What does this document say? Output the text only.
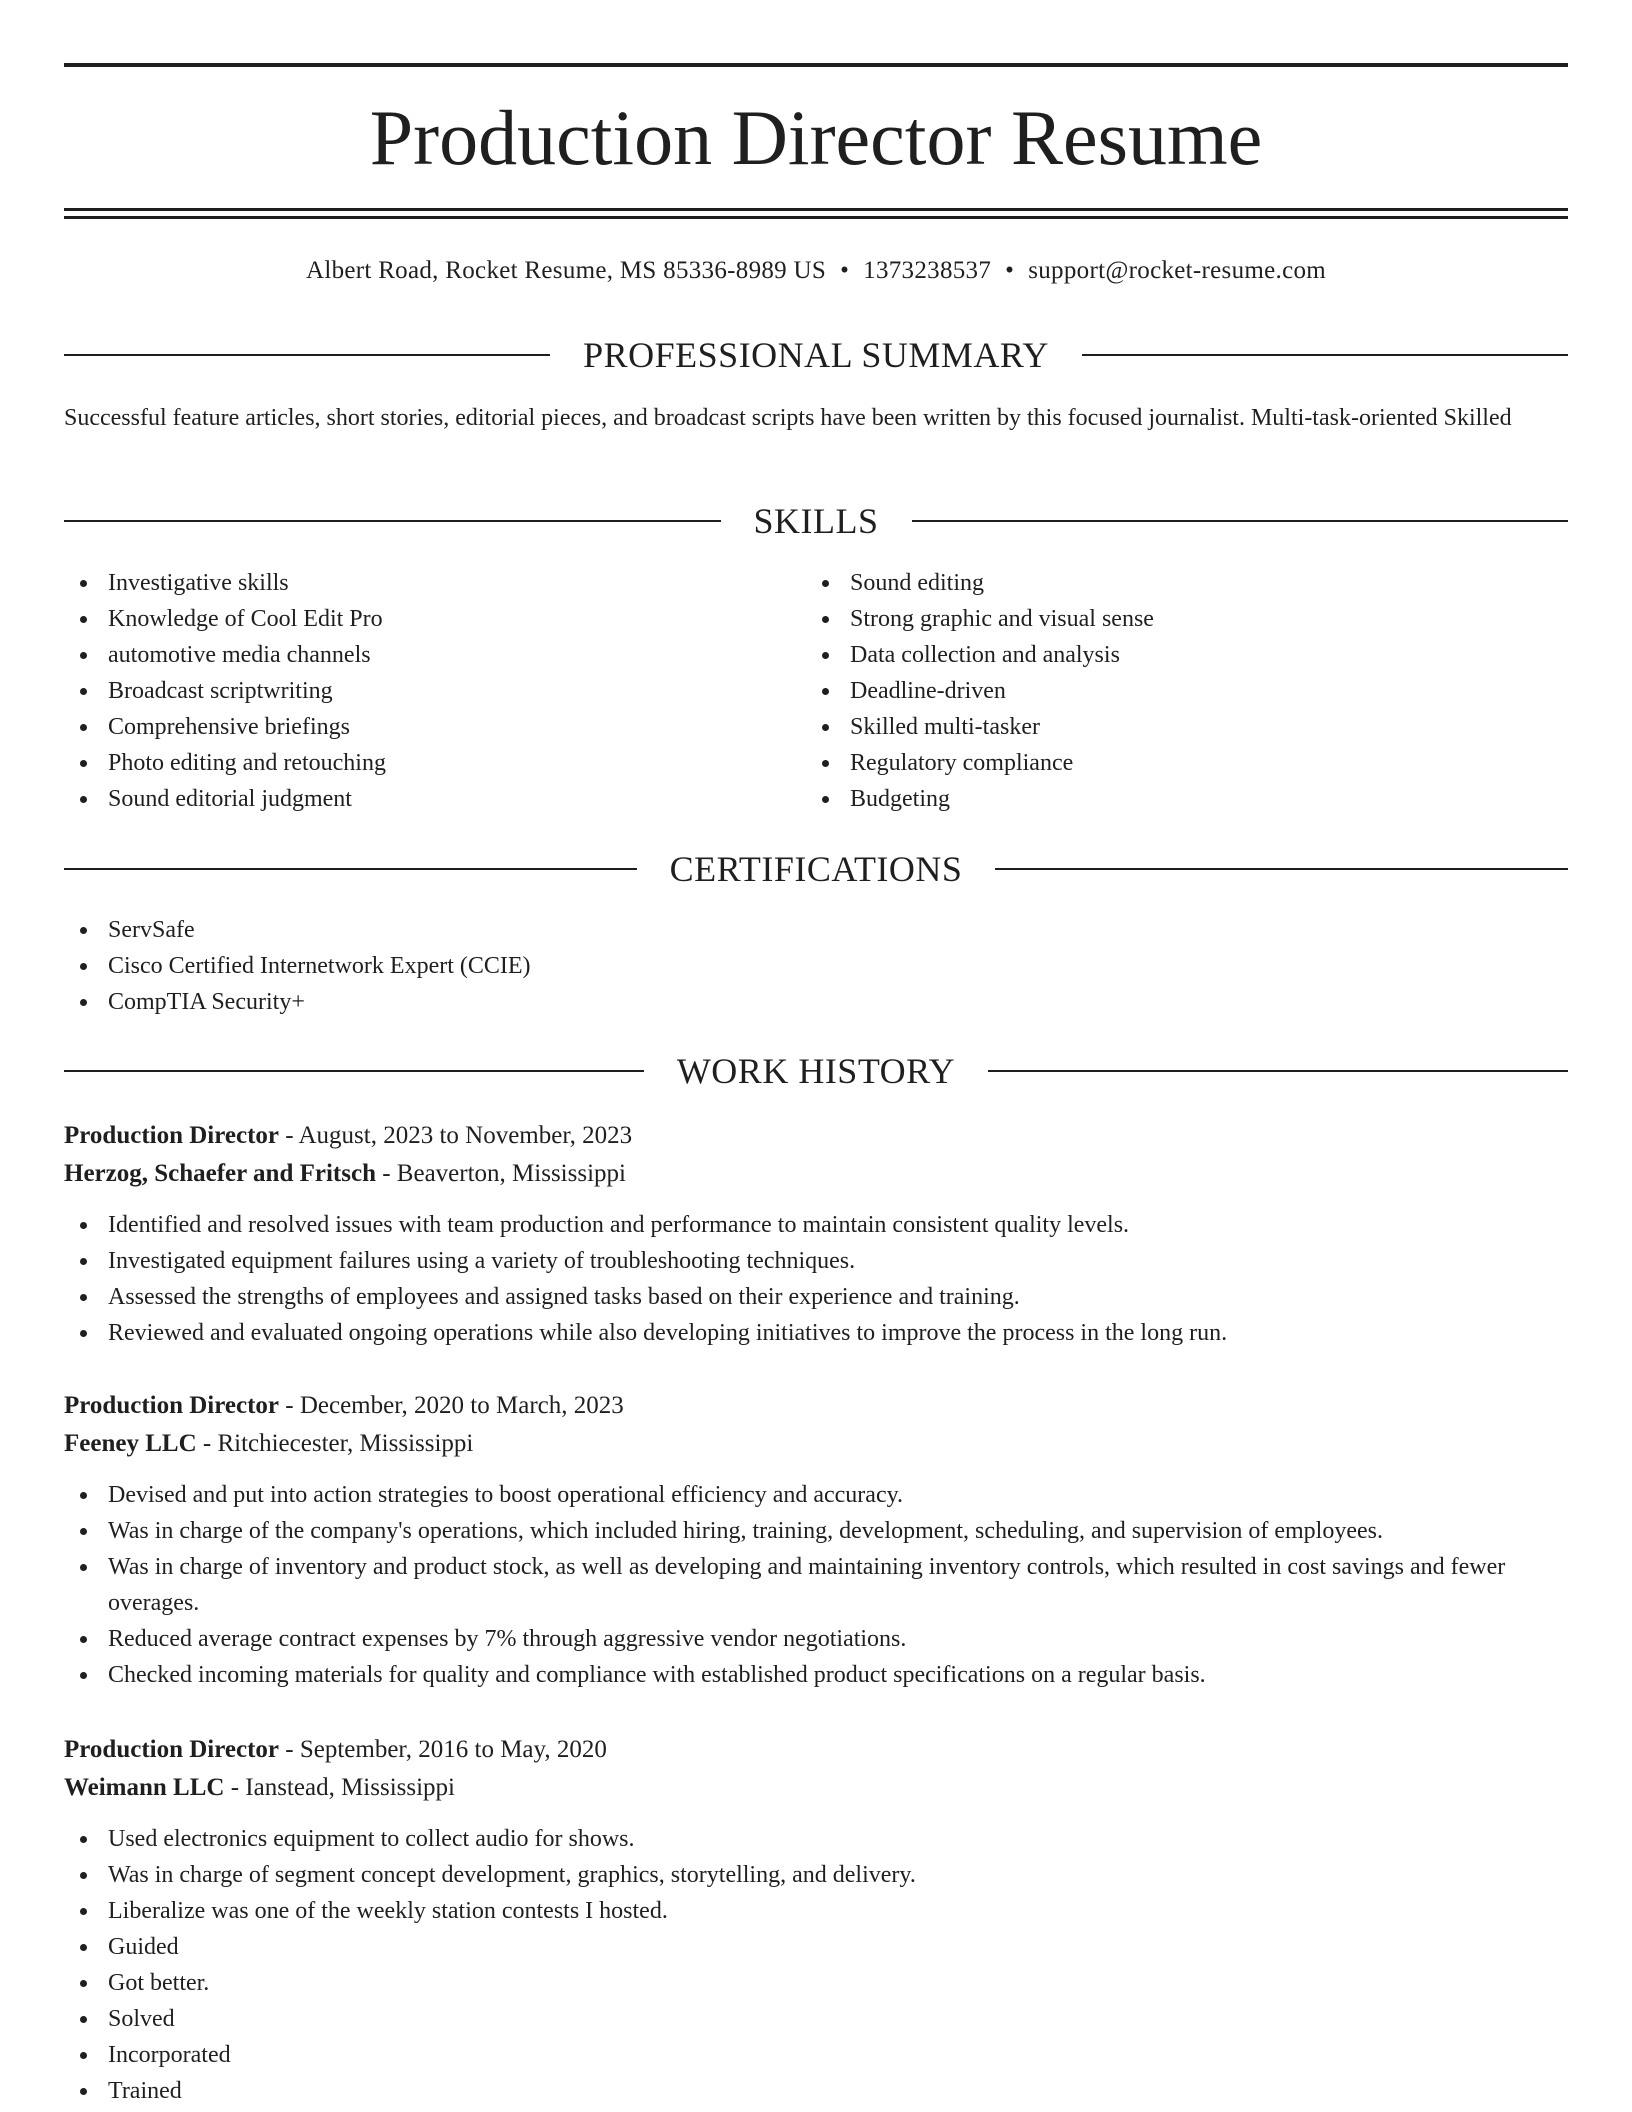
Production Director Resume
Albert Road, Rocket Resume, MS 85336-8989 US • 1373238537 • support@rocket-resume.com
PROFESSIONAL SUMMARY

Successful feature articles, short stories, editorial pieces, and broadcast scripts have been written by this focused journalist. Multi-task-oriented Skilled

SKILLS
Investigative skills
Knowledge of Cool Edit Pro
automotive media channels
Broadcast scriptwriting
Comprehensive briefings
Photo editing and retouching
Sound editorial judgment
Sound editing
Strong graphic and visual sense
Data collection and analysis
Deadline-driven
Skilled multi-tasker
Regulatory compliance
Budgeting
CERTIFICATIONS
ServSafe
Cisco Certified Internetwork Expert (CCIE)
CompTIA Security+
WORK HISTORY
Production Director - August, 2023 to November, 2023
Herzog, Schaefer and Fritsch - Beaverton, Mississippi
Identified and resolved issues with team production and performance to maintain consistent quality levels.
Investigated equipment failures using a variety of troubleshooting techniques.
Assessed the strengths of employees and assigned tasks based on their experience and training.
Reviewed and evaluated ongoing operations while also developing initiatives to improve the process in the long run.
Production Director - December, 2020 to March, 2023
Feeney LLC - Ritchiecester, Mississippi
Devised and put into action strategies to boost operational efficiency and accuracy.
Was in charge of the company's operations, which included hiring, training, development, scheduling, and supervision of employees.
Was in charge of inventory and product stock, as well as developing and maintaining inventory controls, which resulted in cost savings and fewer overages.
Reduced average contract expenses by 7% through aggressive vendor negotiations.
Checked incoming materials for quality and compliance with established product specifications on a regular basis.
Production Director - September, 2016 to May, 2020
Weimann LLC - Ianstead, Mississippi
Used electronics equipment to collect audio for shows.
Was in charge of segment concept development, graphics, storytelling, and delivery.
Liberalize was one of the weekly station contests I hosted.
Guided
Got better.
Solved
Incorporated
Trained
